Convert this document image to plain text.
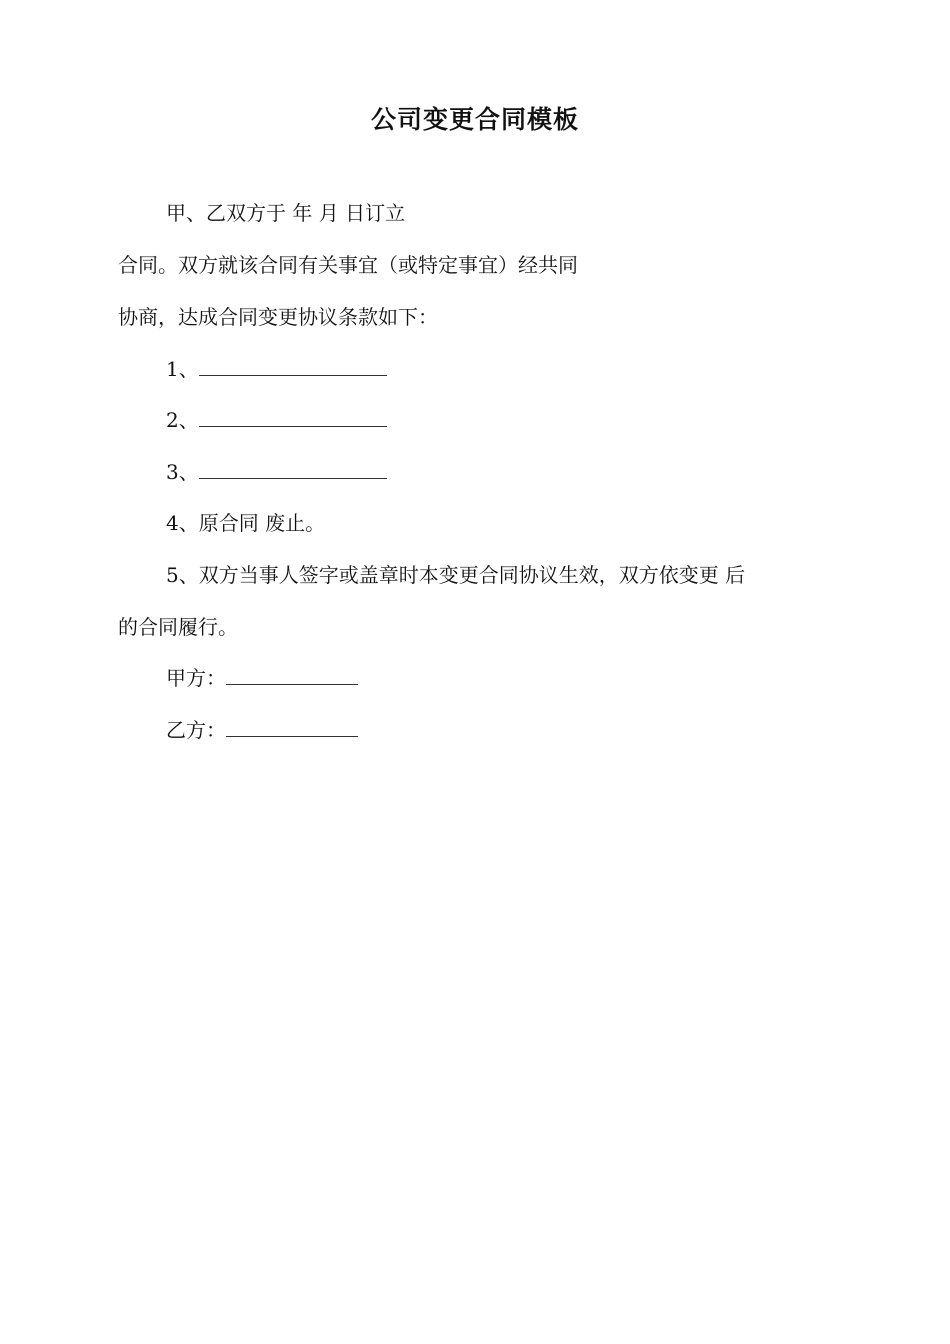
公司变更合同模板
甲、乙双方于 年 月 日订立
合同。双方就该合同有关事宜（或特定事宜）经共同
协商，达成合同变更协议条款如下：
1、
2、
3、
4、原合同 废止。
5、双方当事人签字或盖章时本变更合同协议生效，双方依变更 后
的合同履行。
甲方：
乙方：
